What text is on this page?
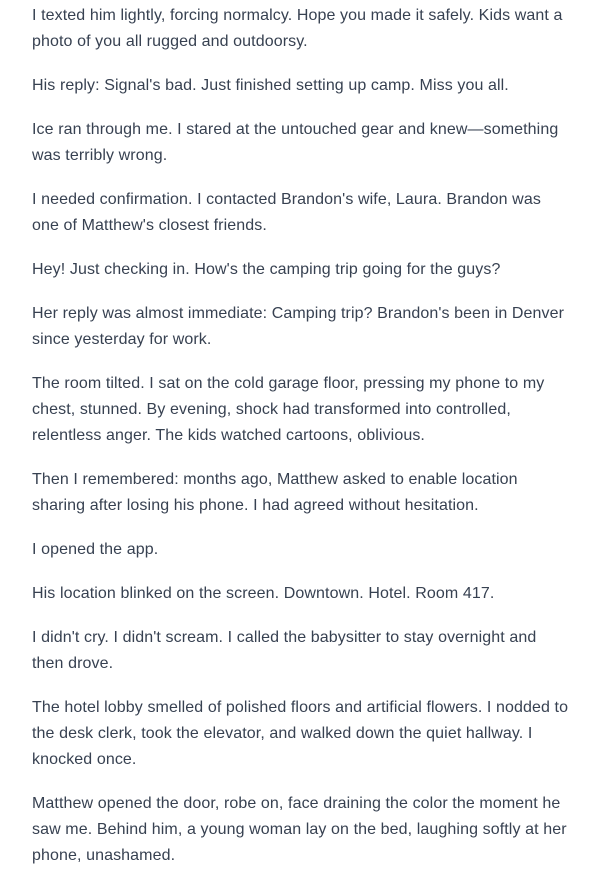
I texted him lightly, forcing normalcy. Hope you made it safely. Kids want a photo of you all rugged and outdoorsy.

His reply: Signal's bad. Just finished setting up camp. Miss you all.

Ice ran through me. I stared at the untouched gear and knew—something was terribly wrong.

I needed confirmation. I contacted Brandon's wife, Laura. Brandon was one of Matthew's closest friends.

Hey! Just checking in. How's the camping trip going for the guys?

Her reply was almost immediate: Camping trip? Brandon's been in Denver since yesterday for work.

The room tilted. I sat on the cold garage floor, pressing my phone to my chest, stunned. By evening, shock had transformed into controlled, relentless anger. The kids watched cartoons, oblivious.

Then I remembered: months ago, Matthew asked to enable location sharing after losing his phone. I had agreed without hesitation.

I opened the app.

His location blinked on the screen. Downtown. Hotel. Room 417.

I didn't cry. I didn't scream. I called the babysitter to stay overnight and then drove.

The hotel lobby smelled of polished floors and artificial flowers. I nodded to the desk clerk, took the elevator, and walked down the quiet hallway. I knocked once.

Matthew opened the door, robe on, face draining the color the moment he saw me. Behind him, a young woman lay on the bed, laughing softly at her phone, unashamed.
